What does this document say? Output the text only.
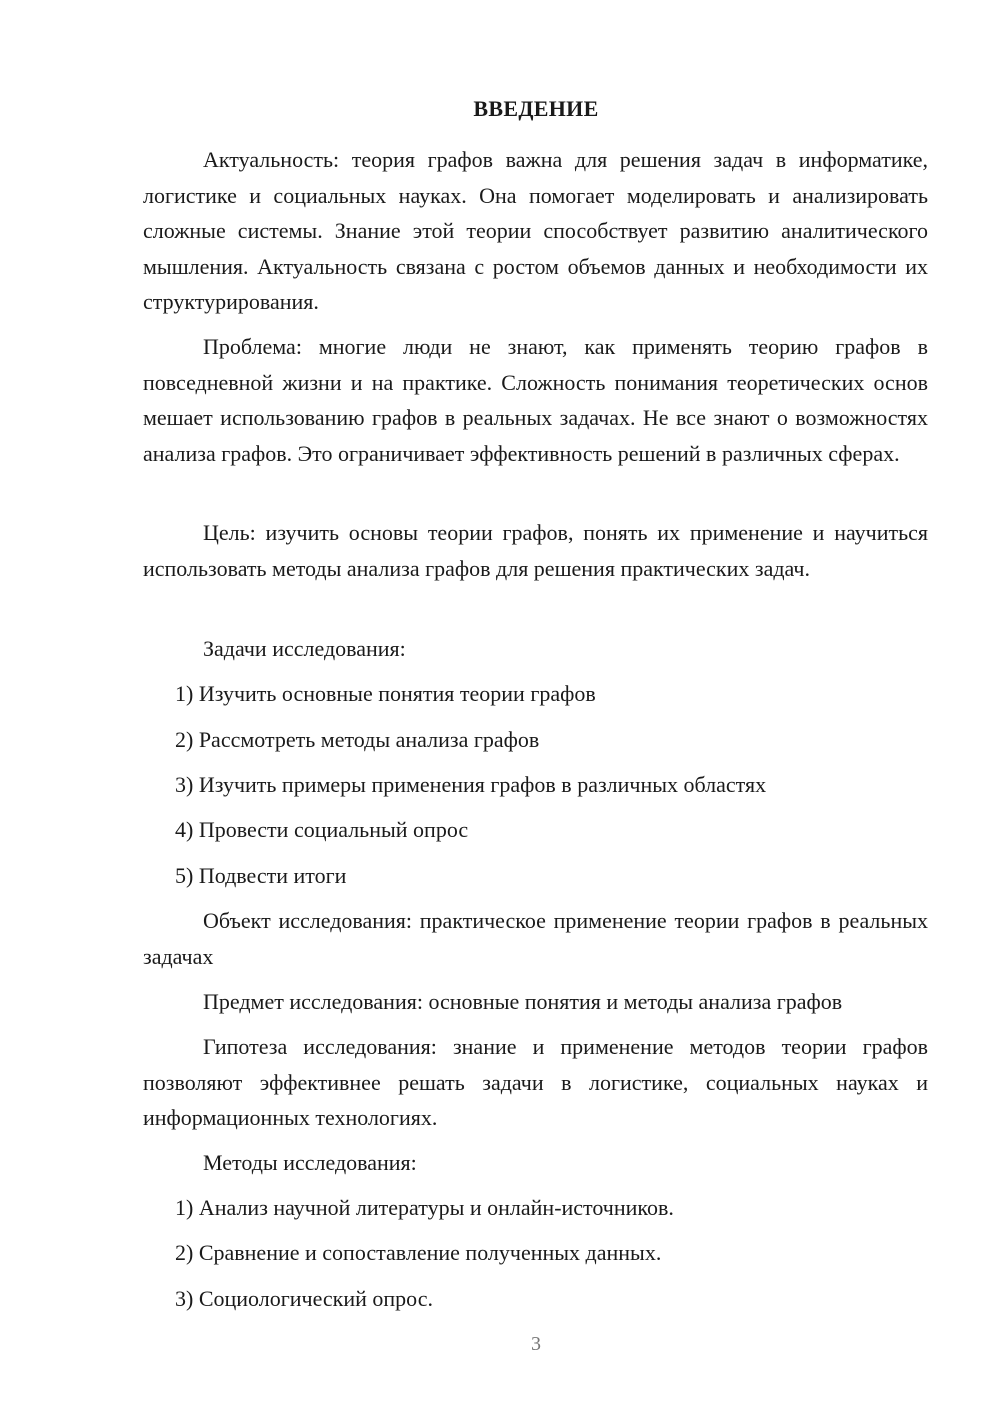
ВВЕДЕНИЕ

Актуальность: теория графов важна для решения задач в информатике, логистике и социальных науках. Она помогает моделировать и анализировать сложные системы. Знание этой теории способствует развитию аналитического мышления. Актуальность связана с ростом объемов данных и необходимости их структурирования.

Проблема: многие люди не знают, как применять теорию графов в повседневной жизни и на практике. Сложность понимания теоретических основ мешает использованию графов в реальных задачах. Не все знают о возможностях анализа графов. Это ограничивает эффективность решений в различных сферах.

Цель: изучить основы теории графов, понять их применение и научиться использовать методы анализа графов для решения практических задач.

Задачи исследования:

1) Изучить основные понятия теории графов

2) Рассмотреть методы анализа графов

3) Изучить примеры применения графов в различных областях

4) Провести социальный опрос

5) Подвести итоги

Объект исследования: практическое применение теории графов в реальных задачах

Предмет исследования: основные понятия и методы анализа графов

Гипотеза исследования: знание и применение методов теории графов позволяют эффективнее решать задачи в логистике, социальных науках и информационных технологиях.

Методы исследования:

1) Анализ научной литературы и онлайн-источников.

2) Сравнение и сопоставление полученных данных.

3) Социологический опрос.

3
